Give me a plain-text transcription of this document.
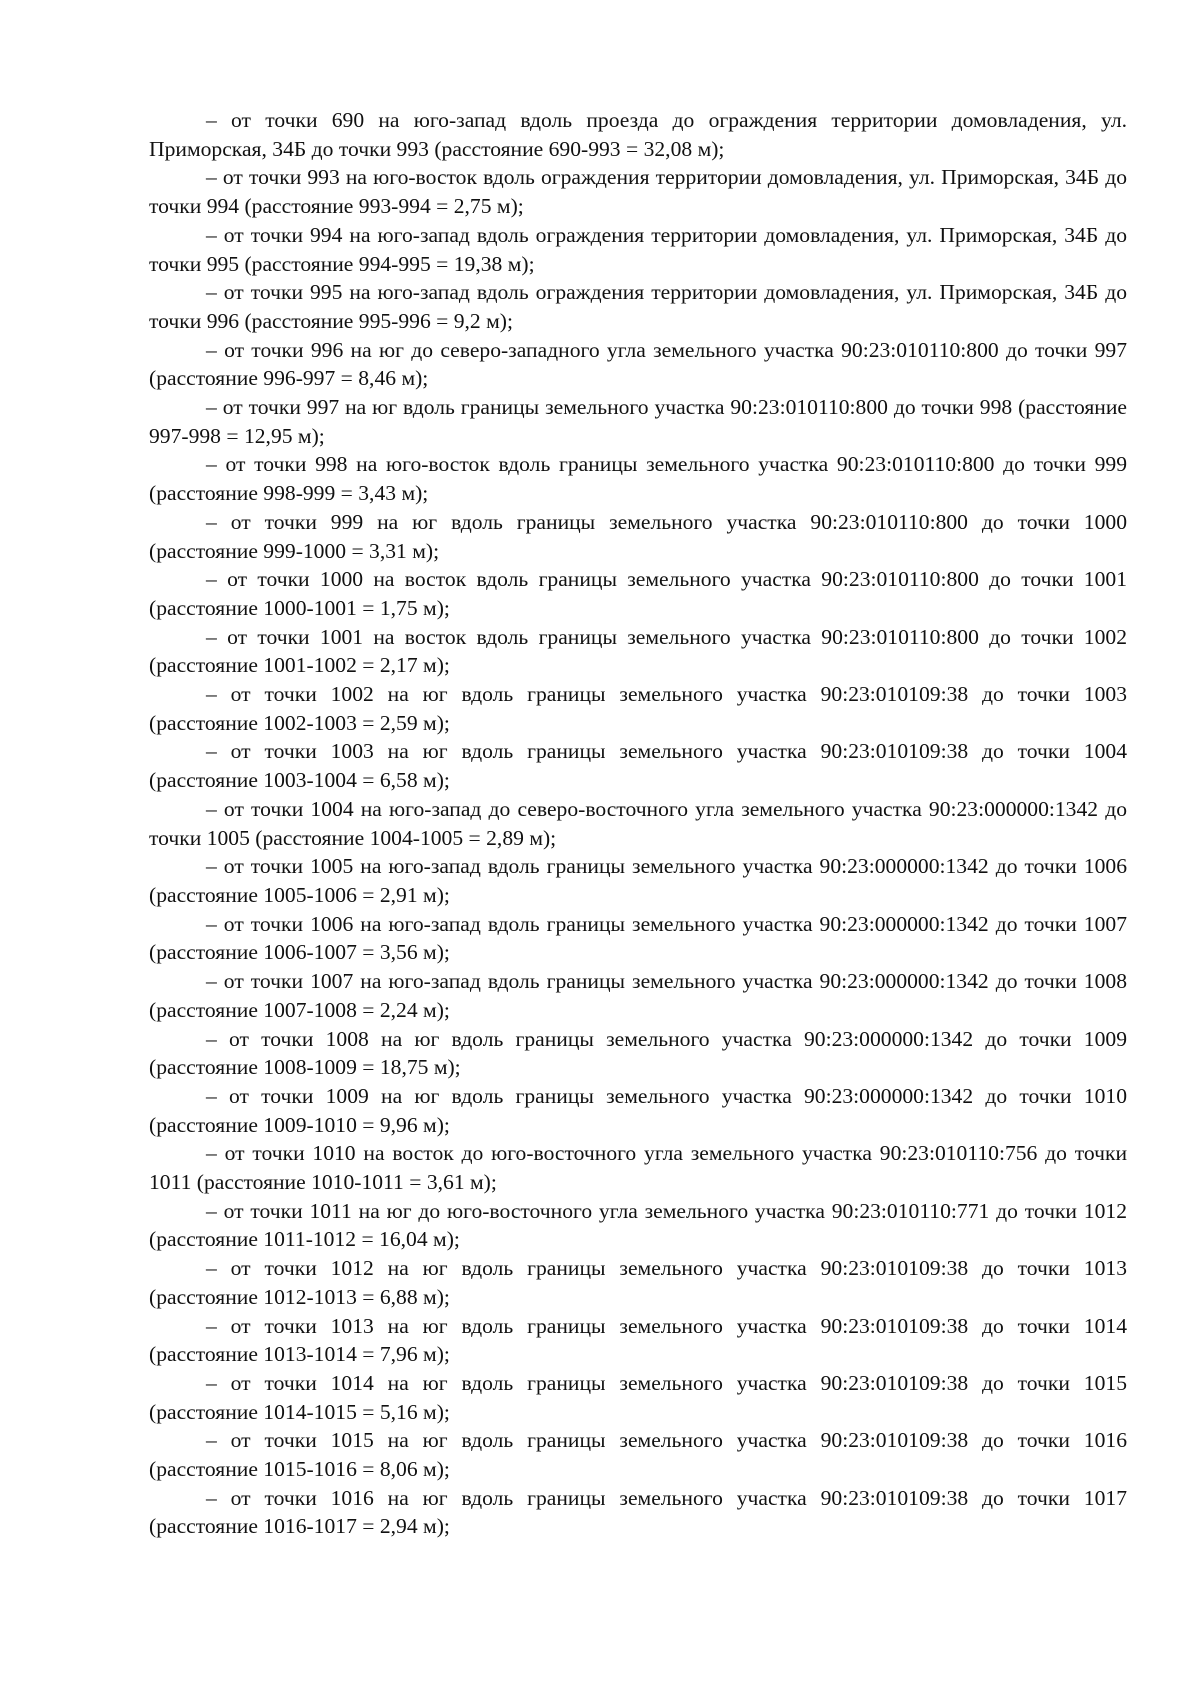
– от точки 690 на юго-запад вдоль проезда до ограждения территории домовладения, ул. Приморская, 34Б до точки 993 (расстояние 690-993 = 32,08 м);

– от точки 993 на юго-восток вдоль ограждения территории домовладения, ул. Приморская, 34Б до точки 994 (расстояние 993-994 = 2,75 м);

– от точки 994 на юго-запад вдоль ограждения территории домовладения, ул. Приморская, 34Б до точки 995 (расстояние 994-995 = 19,38 м);

– от точки 995 на юго-запад вдоль ограждения территории домовладения, ул. Приморская, 34Б до точки 996 (расстояние 995-996 = 9,2 м);

– от точки 996 на юг до северо-западного угла земельного участка 90:23:010110:800 до точки 997 (расстояние 996-997 = 8,46 м);

– от точки 997 на юг вдоль границы земельного участка 90:23:010110:800 до точки 998 (расстояние 997-998 = 12,95 м);

– от точки 998 на юго-восток вдоль границы земельного участка 90:23:010110:800 до точки 999 (расстояние 998-999 = 3,43 м);

– от точки 999 на юг вдоль границы земельного участка 90:23:010110:800 до точки 1000 (расстояние 999-1000 = 3,31 м);

– от точки 1000 на восток вдоль границы земельного участка 90:23:010110:800 до точки 1001 (расстояние 1000-1001 = 1,75 м);

– от точки 1001 на восток вдоль границы земельного участка 90:23:010110:800 до точки 1002 (расстояние 1001-1002 = 2,17 м);

– от точки 1002 на юг вдоль границы земельного участка 90:23:010109:38 до точки 1003 (расстояние 1002-1003 = 2,59 м);

– от точки 1003 на юг вдоль границы земельного участка 90:23:010109:38 до точки 1004 (расстояние 1003-1004 = 6,58 м);

– от точки 1004 на юго-запад до северо-восточного угла земельного участка 90:23:000000:1342 до точки 1005 (расстояние 1004-1005 = 2,89 м);

– от точки 1005 на юго-запад вдоль границы земельного участка 90:23:000000:1342 до точки 1006 (расстояние 1005-1006 = 2,91 м);

– от точки 1006 на юго-запад вдоль границы земельного участка 90:23:000000:1342 до точки 1007 (расстояние 1006-1007 = 3,56 м);

– от точки 1007 на юго-запад вдоль границы земельного участка 90:23:000000:1342 до точки 1008 (расстояние 1007-1008 = 2,24 м);

– от точки 1008 на юг вдоль границы земельного участка 90:23:000000:1342 до точки 1009 (расстояние 1008-1009 = 18,75 м);

– от точки 1009 на юг вдоль границы земельного участка 90:23:000000:1342 до точки 1010 (расстояние 1009-1010 = 9,96 м);

– от точки 1010 на восток до юго-восточного угла земельного участка 90:23:010110:756 до точки 1011 (расстояние 1010-1011 = 3,61 м);

– от точки 1011 на юг до юго-восточного угла земельного участка 90:23:010110:771 до точки 1012 (расстояние 1011-1012 = 16,04 м);

– от точки 1012 на юг вдоль границы земельного участка 90:23:010109:38 до точки 1013 (расстояние 1012-1013 = 6,88 м);

– от точки 1013 на юг вдоль границы земельного участка 90:23:010109:38 до точки 1014 (расстояние 1013-1014 = 7,96 м);

– от точки 1014 на юг вдоль границы земельного участка 90:23:010109:38 до точки 1015 (расстояние 1014-1015 = 5,16 м);

– от точки 1015 на юг вдоль границы земельного участка 90:23:010109:38 до точки 1016 (расстояние 1015-1016 = 8,06 м);

– от точки 1016 на юг вдоль границы земельного участка 90:23:010109:38 до точки 1017 (расстояние 1016-1017 = 2,94 м);
